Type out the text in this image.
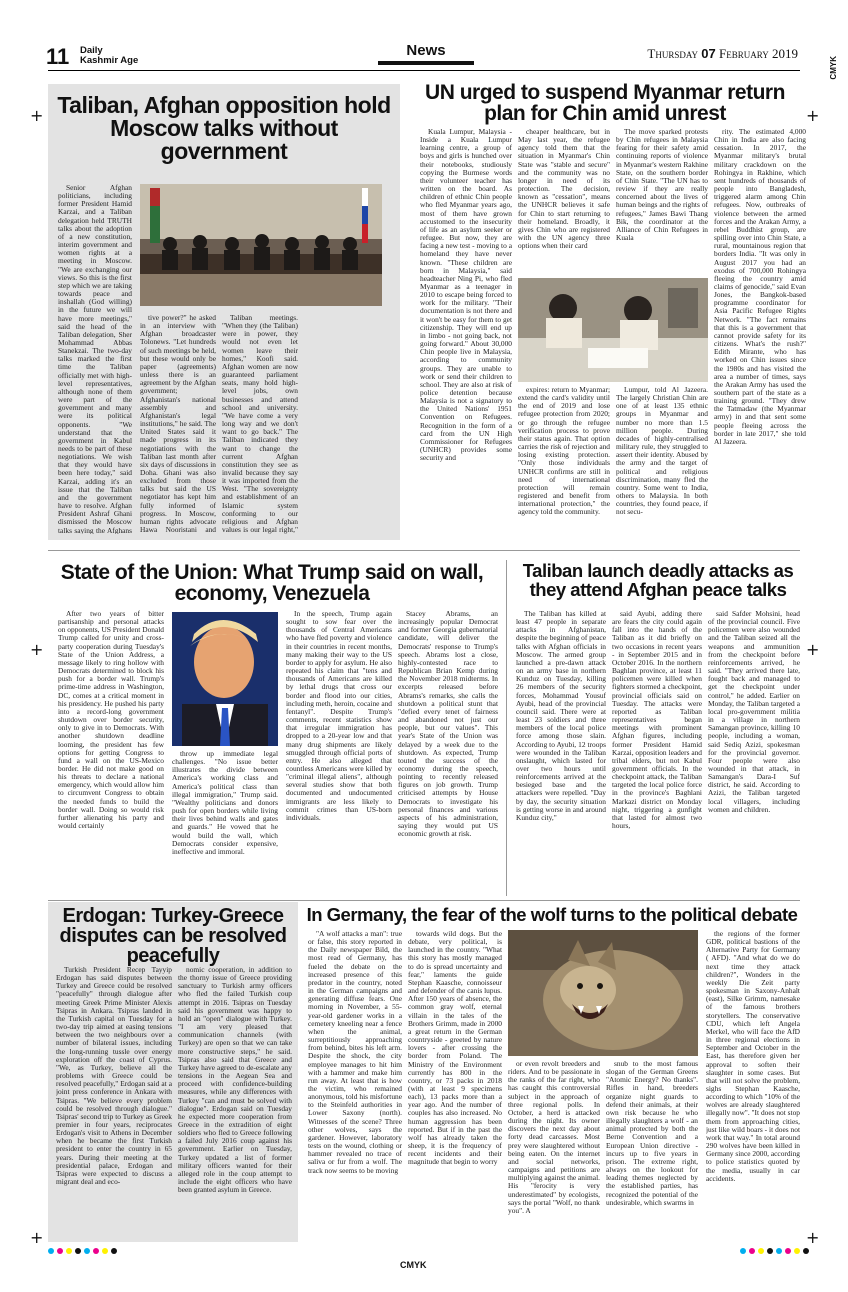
11 Daily
Kashmir Age
News	Thursday 07 February 2019
CMYK
+	+
+	+
+	+
Taliban, Afghan opposition hold Moscow talks without government

Senior Afghan politicians, including former President Hamid Karzai, and a Taliban delegation held TRUTH talks about the adoption of a new constitution, interim government and women rights at a meeting in Moscow. "We are exchanging our views. So this is the first step which we are taking towards peace and inshallah (God willing) in the future we will have more meetings," said the head of the Taliban delegation, Sher Mohammad Abbas Stanekzai. The two-day talks marked the first time the Taliban officially met with high-level representatives, although none of them were part of the government and many were its political opponents. "We understand that the government in Kabul needs to be part of these negotiations. We wish that they would have been here today," said Karzai, adding it's an issue that the Taliban and the government have to resolve. Afghan President Ashraf Ghani dismissed the Moscow talks saying the Afghans

tive power?" he asked in an interview with Afghan broadcaster Tolonews. "Let hundreds of such meetings be held, but these would only be paper (agreements) unless there is an agreement by the Afghan government; Afghanistan's national assembly and Afghanistan's legal institutions," he said. The United States said it made progress in its negotiations with the Taliban last month after six days of discussions in Doha. Ghani was also excluded from those talks but said the US negotiator has kept him fully informed of progress. In Moscow, human rights advocate Hawa Nooristani and

Taliban meetings. "When they (the Taliban) were in power, they would not even let women leave their homes," Koofi said. Afghan women are now guaranteed parliament seats, many hold high-level jobs, own businesses and attend school and university. "We have come a very long way and we don't want to go back." The Taliban indicated they want to change the current Afghan constitution they see as invalid because they say it was imported from the West. "The sovereignty and establishment of an Islamic system conforming to our religious and Afghan values is our legal right,"

UN urged to suspend Myanmar return plan for Chin amid unrest

Kuala Lumpur, Malaysia - Inside a Kuala Lumpur learning centre, a group of boys and girls is hunched over their notebooks, studiously copying the Burmese words their volunteer teacher has written on the board. As children of ethnic Chin people who fled Myanmar years ago, most of them have grown accustomed to the insecurity of life as an asylum seeker or refugee. But now, they are facing a new test - moving to a homeland they have never known. "These children are born in Malaysia," said headteacher Ning Pi, who fled Myanmar as a teenager in 2010 to escape being forced to work for the military. "Their documentation is not there and it won't be easy for them to get citizenship. They will end up in limbo - not going back, not going forward." About 30,000 Chin people live in Malaysia, according to community groups. They are unable to work or send their children to school. They are also at risk of police detention because Malaysia is not a signatory to the United Nations' 1951 Convention on Refugees. Recognition in the form of a card from the UN High Commissioner for Refugees (UNHCR) provides some security and

cheaper healthcare, but in May last year, the refugee agency told them that the situation in Myanmar's Chin State was "stable and secure" and the community was no longer in need of its protection. The decision, known as "cessation", means the UNHCR believes it safe for Chin to start returning to their homeland. Broadly, it gives Chin who are registered with the UN agency three options when their card

The move sparked protests by Chin refugees in Malaysia fearing for their safety amid continuing reports of violence in Myanmar's western Rakhine State, on the southern border of Chin State. "The UN has to review if they are really concerned about the lives of human beings and the rights of refugees," James Bawi Thang Bik, the coordinator at the Alliance of Chin Refugees in Kuala

expires: return to Myanmar; extend the card's validity until the end of 2019 and lose refugee protection from 2020; or go through the refugee verification process to prove their status again. That option carries the risk of rejection and losing existing protection. "Only those individuals UNHCR confirms are still in need of international protection will remain registered and benefit from international protection," the agency told the community.

Lumpur, told Al Jazeera. The largely Christian Chin are one of at least 135 ethnic groups in Myanmar and number no more than 1.5 million people. During decades of highly-centralised military rule, they struggled to assert their identity. Abused by the army and the target of political and religious discrimination, many fled the country. Some went to India, others to Malaysia. In both countries, they found peace, if not secu-

rity. The estimated 4,000 Chin in India are also facing cessation. In 2017, the Myanmar military's brutal military crackdown on the Rohingya in Rakhine, which sent hundreds of thousands of people into Bangladesh, triggered alarm among Chin refugees. Now, outbreaks of violence between the armed forces and the Arakan Army, a rebel Buddhist group, are spilling over into Chin State, a rural, mountainous region that borders India. "It was only in August 2017 you had an exodus of 700,000 Rohingya fleeing the country amid claims of genocide," said Evan Jones, the Bangkok-based programme coordinator for Asia Pacific Refugee Rights Network. "The fact remains that this is a government that cannot provide safety for its citizens. What's the rush?" Edith Mirante, who has worked on Chin issues since the 1980s and has visited the area a number of times, says the Arakan Army has used the southern part of the state as a training ground. "They drew the Tatmadaw (the Myanmar army) in and that sent some people fleeing across the border in late 2017," she told Al Jazeera.

State of the Union: What Trump said on wall, economy, Venezuela

After two years of bitter partisanship and personal attacks on opponents, US President Donald Trump called for unity and cross-party cooperation during Tuesday's State of the Union Address, a message likely to ring hollow with Democrats determined to block his push for a border wall. Trump's prime-time address in Washington, DC, comes at a critical moment in his presidency. He pushed his party into a record-long government shutdown over border security, only to give in to Democrats. With another shutdown deadline looming, the president has few options for getting Congress to fund a wall on the US-Mexico border. He did not make good on his threats to declare a national emergency, which would allow him to circumvent Congress to obtain the needed funds to build the border wall. Doing so would risk further alienating his party and would certainly

throw up immediate legal challenges. "No issue better illustrates the divide between America's working class and America's political class than illegal immigration," Trump said. "Wealthy politicians and donors push for open borders while living their lives behind walls and gates and guards." He vowed that he would build the wall, which Democrats consider expensive, ineffective and immoral.

In the speech, Trump again sought to sow fear over the thousands of Central Americans who have fled poverty and violence in their countries in recent months, many making their way to the US border to apply for asylum. He also repeated his claim that "tens and thousands of Americans are killed by lethal drugs that cross our border and flood into our cities, including meth, heroin, cocaine and fentanyl". Despite Trump's comments, recent statistics show that irregular immigration has dropped to a 20-year low and that many drug shipments are likely smuggled through official ports of entry. He also alleged that countless Americans were killed by "criminal illegal aliens", although several studies show that both documented and undocumented immigrants are less likely to commit crimes than US-born individuals.

Stacey Abrams, an increasingly popular Democrat and former Georgia gubernatorial candidate, will deliver the Democrats' response to Trump's speech. Abrams lost a close, highly-contested race to Republican Brian Kemp during the November 2018 midterms. In excerpts released before Abrams's remarks, she calls the shutdown a political stunt that "defied every tenet of fairness and abandoned not just our people, but our values". This year's State of the Union was delayed by a week due to the shutdown. As expected, Trump touted the success of the economy during the speech, pointing to recently released figures on job growth. Trump criticised attempts by House Democrats to investigate his personal finances and various aspects of his administration, saying they would put US economic growth at risk.

Taliban launch deadly attacks as they attend Afghan peace talks

The Taliban has killed at least 47 people in separate attacks in Afghanistan, despite the beginning of peace talks with Afghan officials in Moscow. The armed group launched a pre-dawn attack on an army base in northern Kunduz on Tuesday, killing 26 members of the security forces, Mohammad Yousuf Ayubi, head of the provincial council said. There were at least 23 soldiers and three members of the local police force among those slain. According to Ayubi, 12 troops were wounded in the Taliban onslaught, which lasted for over two hours until reinforcements arrived at the besieged base and the attackers were repelled. "Day by day, the security situation is getting worse in and around Kunduz city,"

said Ayubi, adding there are fears the city could again fall into the hands of the Taliban as it did briefly on two occasions in recent years - in September 2015 and in October 2016. In the northern Baghlan province, at least 11 policemen were killed when fighters stormed a checkpoint, provincial officials said on Tuesday. The attacks were reported as Taliban representatives began meetings with prominent Afghan figures, including former President Hamid Karzai, opposition leaders and tribal elders, but not Kabul government officials. In the checkpoint attack, the Taliban targeted the local police force in the province's Baghlani Markazi district on Monday night, triggering a gunfight that lasted for almost two hours,

said Safder Mohsini, head of the provincial council. Five policemen were also wounded and the Taliban seized all the weapons and ammunition from the checkpoint before reinforcements arrived, he said. "They arrived there late, fought back and managed to get the checkpoint under control," he added. Earlier on Monday, the Taliban targeted a local pro-government militia in a village in northern Samangan province, killing 10 people, including a woman, said Sediq Azizi, spokesman for the provincial governor. Four people were also wounded in that attack, in Samangan's Dara-I Suf district, he said. According to Azizi, the Taliban targeted local villagers, including women and children.

Erdogan: Turkey-Greece disputes can be resolved peacefully

Turkish President Recep Tayyip Erdogan has said disputes between Turkey and Greece could be resolved "peacefully" through dialogue after meeting Greek Prime Minister Alexis Tsipras in Ankara. Tsipras landed in the Turkish capital on Tuesday for a two-day trip aimed at easing tensions between the two neighbours over a number of bilateral issues, including the long-running tussle over energy exploration off the coast of Cyprus. "We, as Turkey, believe all the problems with Greece could be resolved peacefully," Erdogan said at a joint press conference in Ankara with Tsipras. "We believe every problem could be resolved through dialogue." Tsipras' second trip to Turkey as Greek premier in four years, reciprocates Erdogan's visit to Athens in December when he became the first Turkish president to enter the country in 65 years. During their meeting at the presidential palace, Erdogan and Tsipras were expected to discuss a migrant deal and eco-

nomic cooperation, in addition to the thorny issue of Greece providing sanctuary to Turkish army officers who fled the failed Turkish coup attempt in 2016. Tsipras on Tuesday said his government was happy to hold an "open" dialogue with Turkey. "I am very pleased that communication channels (with Turkey) are open so that we can take more constructive steps," he said. Tsipras also said that Greece and Turkey have agreed to de-escalate any tensions in the Aegean Sea and proceed with confidence-building measures, while any differences with Turkey "can and must be solved with dialogue". Erdogan said on Tuesday he expected more cooperation from Greece in the extradition of eight soldiers who fled to Greece following a failed July 2016 coup against his government. Earlier on Tuesday, Turkey updated a list of former military officers wanted for their alleged role in the coup attempt to include the eight officers who have been granted asylum in Greece.

In Germany, the fear of the wolf turns to the political debate

"A wolf attacks a man": true or false, this story reported in the Daily newspaper Bild, the most read of Germany, has fueled the debate on the increased presence of this predator in the country, noted in the German campaigns and generating diffuse fears. One morning in November, a 55-year-old gardener works in a cemetery kneeling near a fence when the animal, surreptitiously approaching from behind, bites his left arm. Despite the shock, the city employee manages to hit him with a hammer and make him run away. At least that is how the victim, who remained anonymous, told his misfortune to the Steinfeld authorities in Lower Saxony (north). Witnesses of the scene? Three other wolves, says the gardener. However, laboratory tests on the wound, clothing or hammer revealed no trace of saliva or fur from a wolf. The track now seems to be moving

towards wild dogs. But the debate, very political, is launched in the country. "What this story has mostly managed to do is spread uncertainty and fear," laments the guide Stephan Kaasche, connoisseur and defender of the canis lupus. After 150 years of absence, the common gray wolf, eternal villain in the tales of the Brothers Grimm, made in 2000 a great return in the German countryside - greeted by nature lovers - after crossing the border from Poland. The Ministry of the Environment currently has 800 in the country, or 73 packs in 2018 (with at least 9 specimens each), 13 packs more than a year ago. And the number of couples has also increased. No human aggression has been reported. But if in the past the wolf has already taken the sheep, it is the frequency of recent incidents and their magnitude that begin to worry

or even revolt breeders and riders. And to be passionate in the ranks of the far right, who has caught this controversial subject in the approach of three regional polls. In October, a herd is attacked during the night. Its owner discovers the next day about forty dead carcasses. Most prey were slaughtered without being eaten. On the internet and social networks, campaigns and petitions are multiplying against the animal. His "ferocity is very underestimated" by ecologists, says the portal "Wolf, no thank you". A

snub to the most famous slogan of the German Greens "Atomic Energy? No thanks". Rifles in hand, breeders organize night guards to defend their animals, at their own risk because he who illegally slaughters a wolf - an animal protected by both the Berne Convention and a European Union directive - incurs up to five years in prison. The extreme right, always on the lookout for leading themes neglected by the established parties, has recognized the potential of the undesirable, which swarms in

the regions of the former GDR, political bastions of the Alternative Party for Germany ( AFD). "And what do we do next time they attack children?", Wonders in the weekly Die Zeit party spokesman in Saxony-Anhalt (east), Silke Grimm, namesake of the famous brothers storytellers. The conservative CDU, which left Angela Merkel, who will face the AfD in three regional elections in September and October in the East, has therefore given her approval to soften their slaughter in some cases. But that will not solve the problem, sighs Stephan Kaasche, according to which "10% of the wolves are already slaughtered illegally now". "It does not stop them from approaching cities, just like wild boars - it does not work that way." In total around 290 wolves have been killed in Germany since 2000, according to police statistics quoted by the media, usually in car accidents.

CMYK
